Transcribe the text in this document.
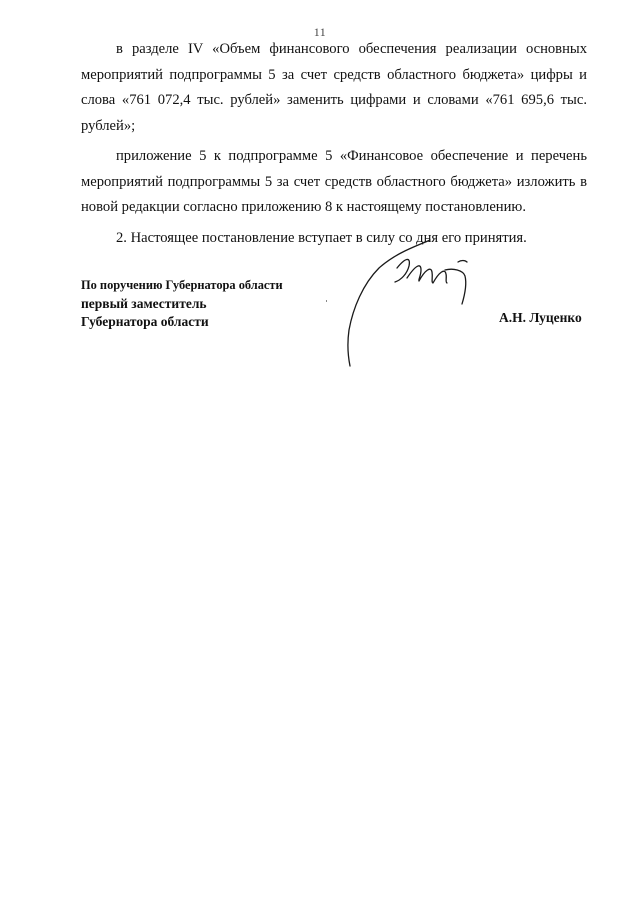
11

в разделе IV «Объем финансового обеспечения реализации основных мероприятий подпрограммы 5 за счет средств областного бюджета» цифры и слова «761 072,4 тыс. рублей» заменить цифрами и словами «761 695,6 тыс. рублей»;

приложение 5 к подпрограмме 5 «Финансовое обеспечение и перечень мероприятий подпрограммы 5 за счет средств областного бюджета» изложить в новой редакции согласно приложению 8 к настоящему постановлению.

2. Настоящее постановление вступает в силу со дня его принятия.

По поручению Губернатора области
первый заместитель
Губернатора области	А.Н. Луценко
